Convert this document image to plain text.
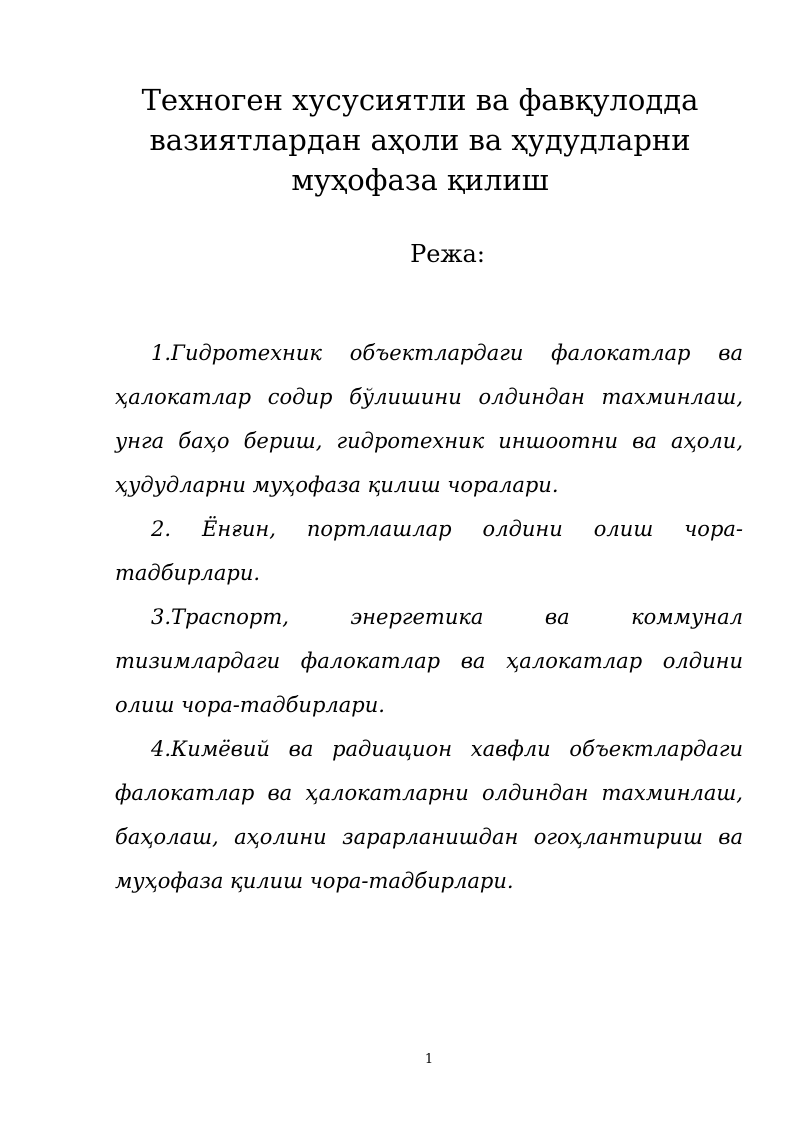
Техноген хусусиятли ва фавқулодда
вазиятлардан аҳоли ва ҳудудларни
муҳофаза қилиш

Режа:

1.Гидротехник объектлардаги фалокатлар ва ҳалокатлар содир бўлишини олдиндан тахминлаш, унга баҳо бериш, гидротехник иншоотни ва аҳоли, ҳудудларни муҳофаза қилиш чоралари.
2. Ёнғин, портлашлар олдини олиш чора-тадбирлари.
3.Траспорт, энергетика ва коммунал тизимлардаги фалокатлар ва ҳалокатлар олдини олиш чора-тадбирлари.
4.Кимёвий ва радиацион хавфли объектлардаги фалокатлар ва ҳалокатларни олдиндан тахминлаш, баҳолаш, аҳолини зарарланишдан огоҳлантириш ва муҳофаза қилиш чора-тадбирлари.
1
